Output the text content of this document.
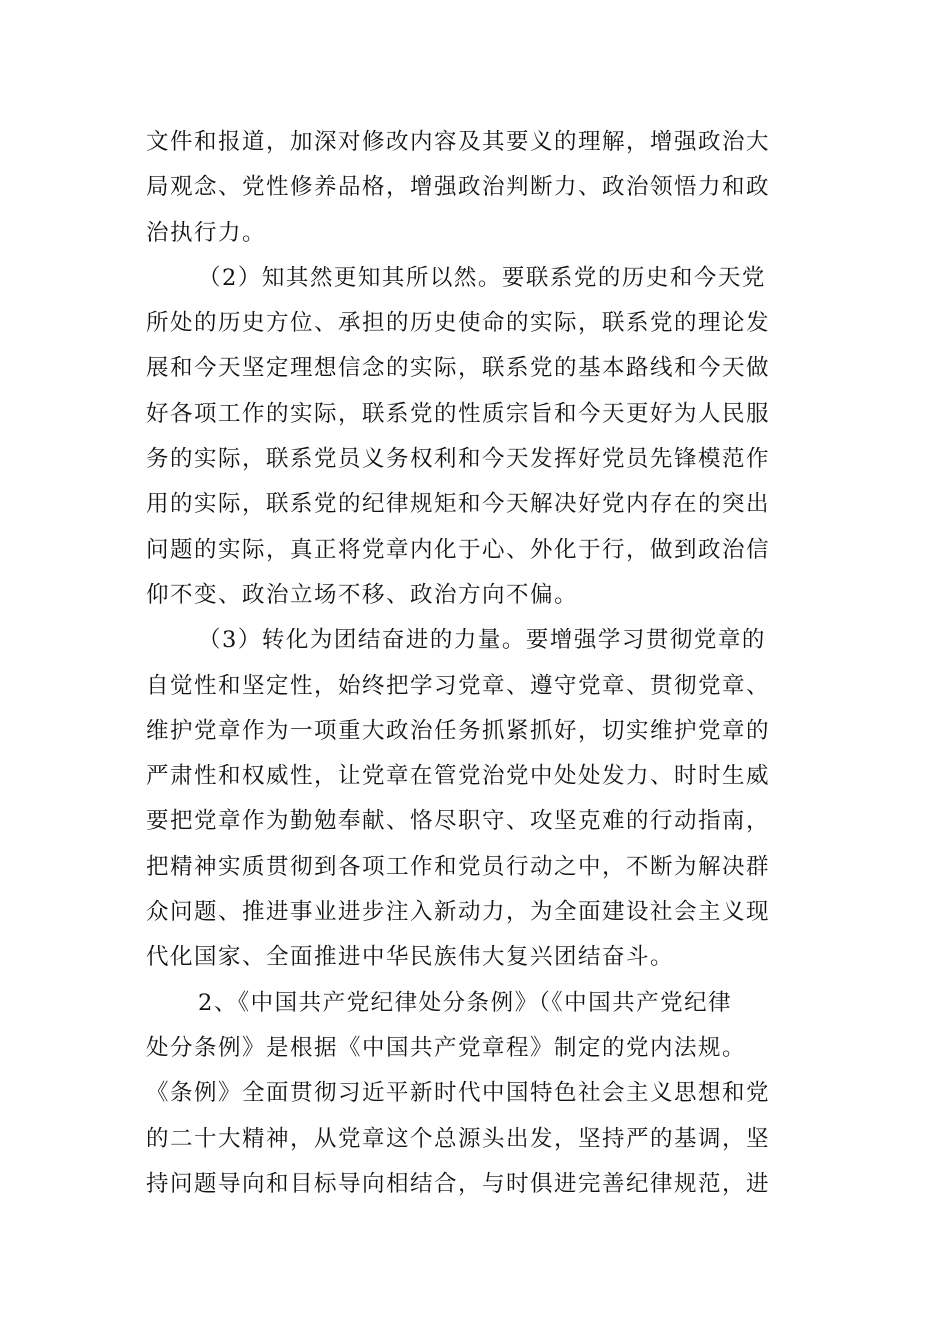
文件和报道，加深对修改内容及其要义的理解，增强政治大
局观念、党性修养品格，增强政治判断力、政治领悟力和政
治执行力。
（2）知其然更知其所以然。要联系党的历史和今天党
所处的历史方位、承担的历史使命的实际，联系党的理论发
展和今天坚定理想信念的实际，联系党的基本路线和今天做
好各项工作的实际，联系党的性质宗旨和今天更好为人民服
务的实际，联系党员义务权利和今天发挥好党员先锋模范作
用的实际，联系党的纪律规矩和今天解决好党内存在的突出
问题的实际，真正将党章内化于心、外化于行，做到政治信
仰不变、政治立场不移、政治方向不偏。
（3）转化为团结奋进的力量。要增强学习贯彻党章的
自觉性和坚定性，始终把学习党章、遵守党章、贯彻党章、
维护党章作为一项重大政治任务抓紧抓好，切实维护党章的
严肃性和权威性，让党章在管党治党中处处发力、时时生威
要把党章作为勤勉奉献、恪尽职守、攻坚克难的行动指南，
把精神实质贯彻到各项工作和党员行动之中，不断为解决群
众问题、推进事业进步注入新动力，为全面建设社会主义现
代化国家、全面推进中华民族伟大复兴团结奋斗。
2、《中国共产党纪律处分条例》（《中国共产党纪律
处分条例》是根据《中国共产党章程》制定的党内法规。
《条例》全面贯彻习近平新时代中国特色社会主义思想和党
的二十大精神，从党章这个总源头出发，坚持严的基调，坚
持问题导向和目标导向相结合，与时俱进完善纪律规范，进
